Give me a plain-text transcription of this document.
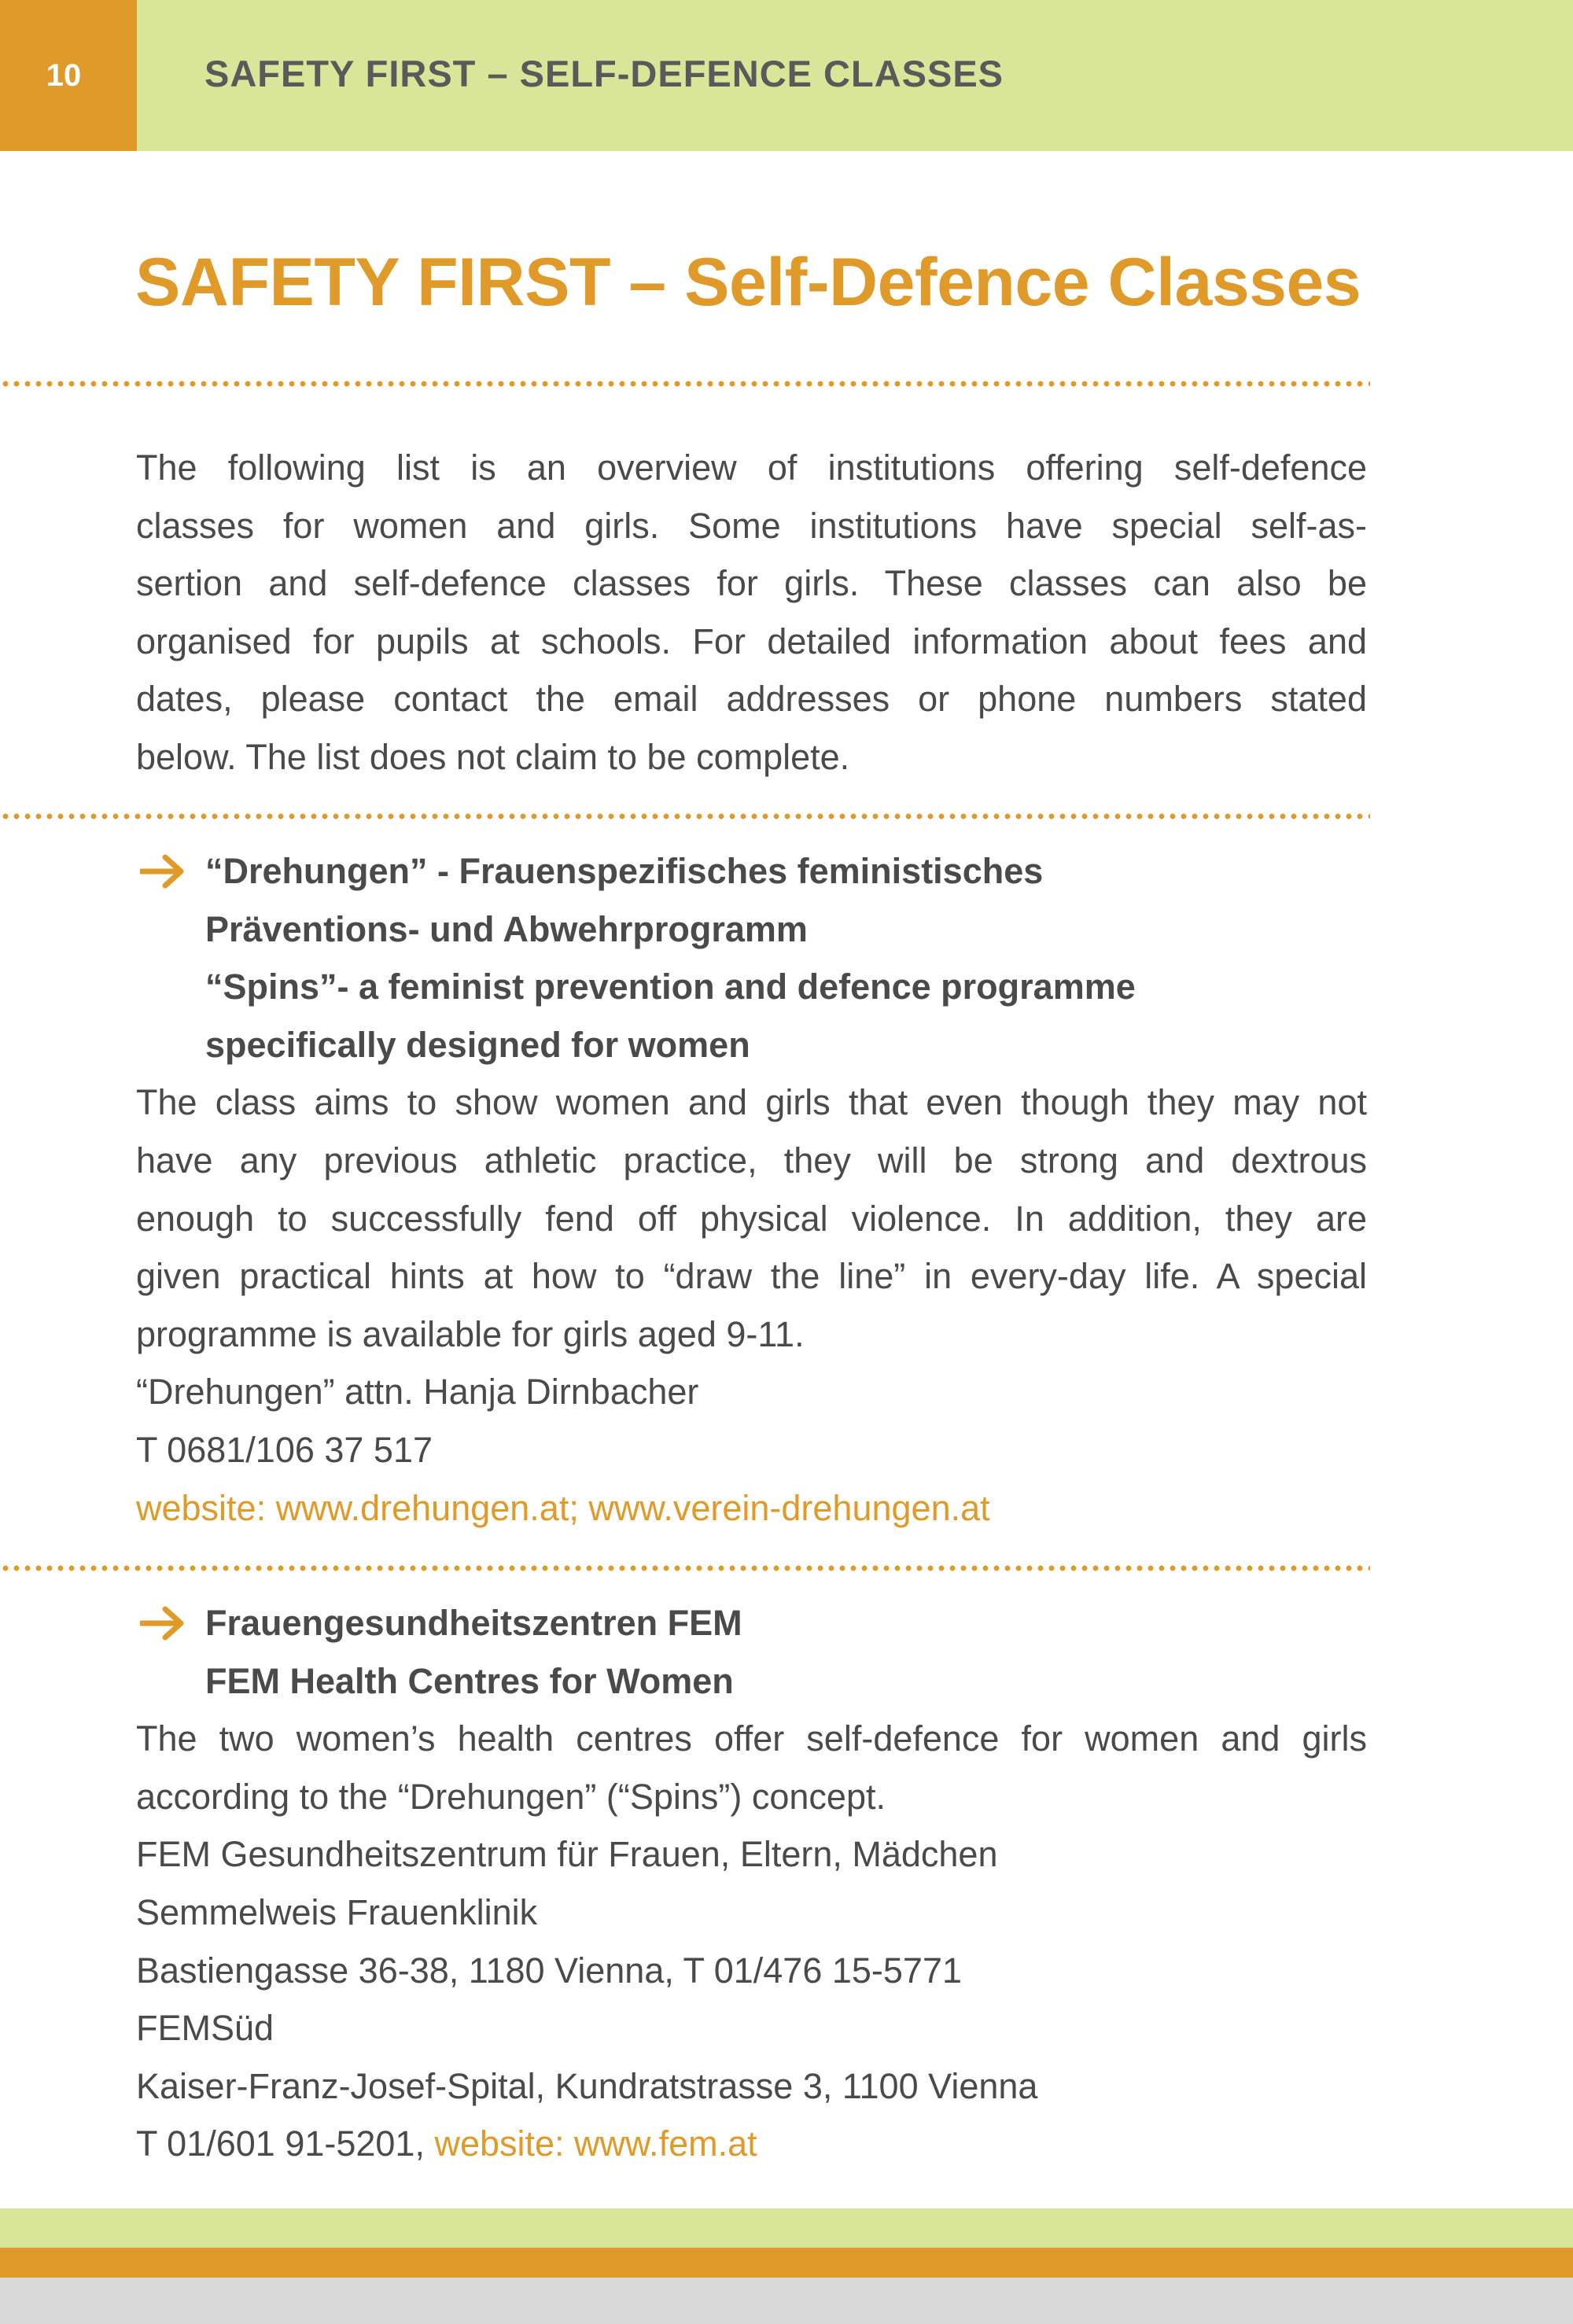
10	SAFETY FIRST – SELF-DEFENCE CLASSES
SAFETY FIRST – Self-Defence Classes
The following list is an overview of institutions offering self-defence
classes for women and girls. Some institutions have special self-as-
sertion and self-defence classes for girls. These classes can also be
organised for pupils at schools. For detailed information about fees and
dates, please contact the email addresses or phone numbers stated
below. The list does not claim to be complete.
“Drehungen” - Frauenspezifisches feministisches
Präventions- und Abwehrprogramm
“Spins”- a feminist prevention and defence programme
specifically designed for women
The class aims to show women and girls that even though they may not
have any previous athletic practice, they will be strong and dextrous
enough to successfully fend off physical violence. In addition, they are
given practical hints at how to “draw the line” in every-day life. A special
programme is available for girls aged 9-11.
“Drehungen” attn. Hanja Dirnbacher
T 0681/106 37 517
website: www.drehungen.at; www.verein-drehungen.at
Frauengesundheitszentren FEM
FEM Health Centres for Women
The two women’s health centres offer self-defence for women and girls
according to the “Drehungen” (“Spins”) concept.
FEM Gesundheitszentrum für Frauen, Eltern, Mädchen
Semmelweis Frauenklinik
Bastiengasse 36-38, 1180 Vienna, T 01/476 15-5771
FEMSüd
Kaiser-Franz-Josef-Spital, Kundratstrasse 3, 1100 Vienna
T 01/601 91-5201, website: www.fem.at
